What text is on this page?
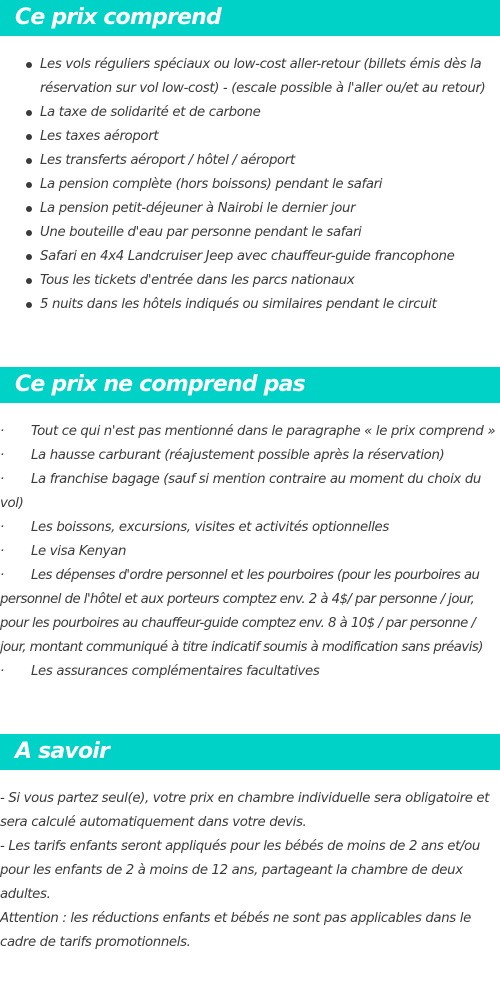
Ce prix comprend
Les vols réguliers spéciaux ou low-cost aller-retour (billets émis dès la réservation sur vol low-cost) - (escale possible à l'aller ou/et au retour)
La taxe de solidarité et de carbone
Les taxes aéroport
Les transferts aéroport / hôtel / aéroport
La pension complète (hors boissons) pendant le safari
La pension petit-déjeuner à Nairobi le dernier jour
Une bouteille d'eau par personne pendant le safari
Safari en 4x4 Landcruiser Jeep avec chauffeur-guide francophone
Tous les tickets d'entrée dans les parcs nationaux
5 nuits dans les hôtels indiqués ou similaires pendant le circuit
Ce prix ne comprend pas

· Tout ce qui n'est pas mentionné dans le paragraphe « le prix comprend »

· La hausse carburant (réajustement possible après la réservation)

· La franchise bagage (sauf si mention contraire au moment du choix du vol)

· Les boissons, excursions, visites et activités optionnelles

· Le visa Kenyan

· Les dépenses d'ordre personnel et les pourboires (pour les pourboires au personnel de l'hôtel et aux porteurs comptez env. 2 à 4$/ par personne / jour, pour les pourboires au chauffeur-guide comptez env. 8 à 10$ / par personne / jour, montant communiqué à titre indicatif soumis à modification sans préavis)

· Les assurances complémentaires facultatives

A savoir

- Si vous partez seul(e), votre prix en chambre individuelle sera obligatoire et sera calculé automatiquement dans votre devis.

- Les tarifs enfants seront appliqués pour les bébés de moins de 2 ans et/ou pour les enfants de 2 à moins de 12 ans, partageant la chambre de deux adultes.

Attention : les réductions enfants et bébés ne sont pas applicables dans le cadre de tarifs promotionnels.
